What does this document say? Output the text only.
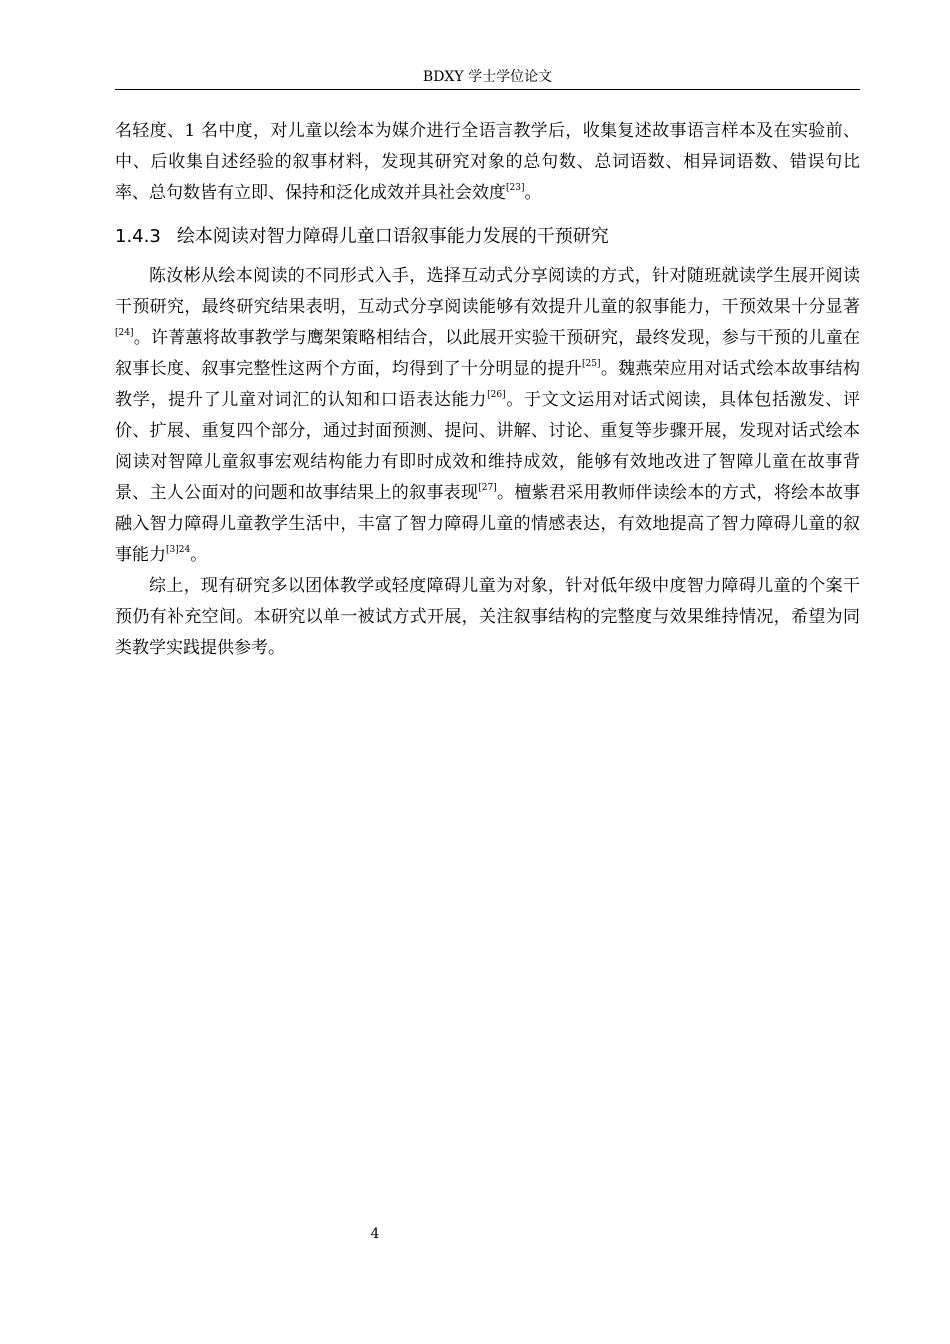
BDXY 学士学位论文

名轻度、1 名中度，对儿童以绘本为媒介进行全语言教学后，收集复述故事语言样本及在实验前、中、后收集自述经验的叙事材料，发现其研究对象的总句数、总词语数、相异词语数、错误句比率、总句数皆有立即、保持和泛化成效并具社会效度[23]。

1.4.3 绘本阅读对智力障碍儿童口语叙事能力发展的干预研究

陈汝彬从绘本阅读的不同形式入手，选择互动式分享阅读的方式，针对随班就读学生展开阅读干预研究，最终研究结果表明，互动式分享阅读能够有效提升儿童的叙事能力，干预效果十分显著[24]。许菁蕙将故事教学与鹰架策略相结合，以此展开实验干预研究，最终发现，参与干预的儿童在叙事长度、叙事完整性这两个方面，均得到了十分明显的提升[25]。魏燕荣应用对话式绘本故事结构教学，提升了儿童对词汇的认知和口语表达能力[26]。于文文运用对话式阅读，具体包括激发、评价、扩展、重复四个部分，通过封面预测、提问、讲解、讨论、重复等步骤开展，发现对话式绘本阅读对智障儿童叙事宏观结构能力有即时成效和维持成效，能够有效地改进了智障儿童在故事背景、主人公面对的问题和故事结果上的叙事表现[27]。檀紫君采用教师伴读绘本的方式，将绘本故事融入智力障碍儿童教学生活中，丰富了智力障碍儿童的情感表达，有效地提高了智力障碍儿童的叙事能力$^{[3]24}$。

综上，现有研究多以团体教学或轻度障碍儿童为对象，针对低年级中度智力障碍儿童的个案干预仍有补充空间。本研究以单一被试方式开展，关注叙事结构的完整度与效果维持情况，希望为同类教学实践提供参考。

4
